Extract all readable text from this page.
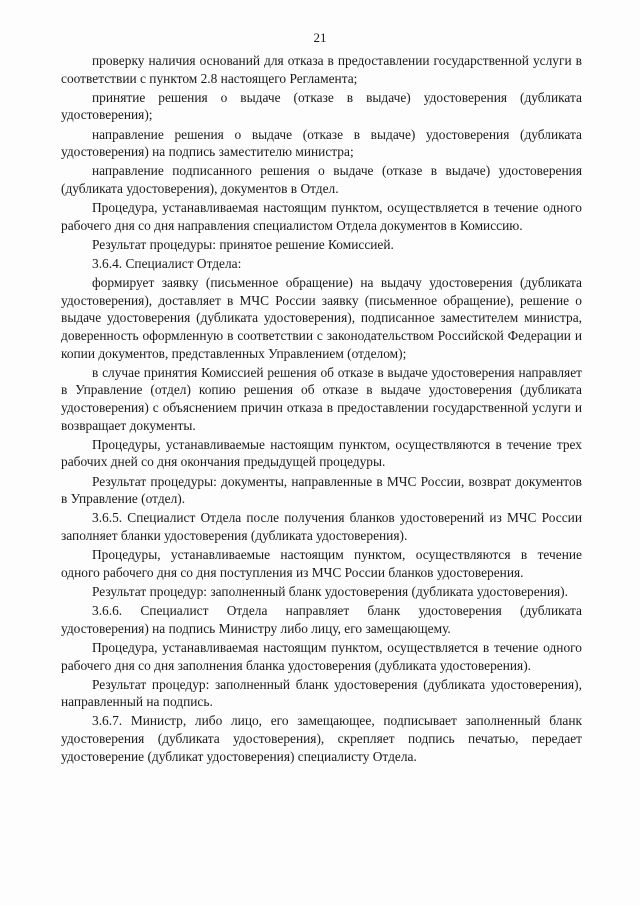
21

проверку наличия оснований для отказа в предоставлении государственной услуги в соответствии с пунктом 2.8 настоящего Регламента;

принятие решения о выдаче (отказе в выдаче) удостоверения (дубликата удостоверения);

направление решения о выдаче (отказе в выдаче) удостоверения (дубликата удостоверения) на подпись заместителю министра;

направление подписанного решения о выдаче (отказе в выдаче) удостоверения (дубликата удостоверения), документов в Отдел.

Процедура, устанавливаемая настоящим пунктом, осуществляется в течение одного рабочего дня со дня направления специалистом Отдела документов в Комиссию.

Результат процедуры: принятое решение Комиссией.

3.6.4. Специалист Отдела:

формирует заявку (письменное обращение) на выдачу удостоверения (дубликата удостоверения), доставляет в МЧС России заявку (письменное обращение), решение о выдаче удостоверения (дубликата удостоверения), подписанное заместителем министра, доверенность оформленную в соответствии с законодательством Российской Федерации и копии документов, представленных Управлением (отделом);

в случае принятия Комиссией решения об отказе в выдаче удостоверения направляет в Управление (отдел) копию решения об отказе в выдаче удостоверения (дубликата удостоверения) с объяснением причин отказа в предоставлении государственной услуги и возвращает документы.

Процедуры, устанавливаемые настоящим пунктом, осуществляются в течение трех рабочих дней со дня окончания предыдущей процедуры.

Результат процедуры: документы, направленные в МЧС России, возврат документов в Управление (отдел).

3.6.5. Специалист Отдела после получения бланков удостоверений из МЧС России заполняет бланки удостоверения (дубликата удостоверения).

Процедуры, устанавливаемые настоящим пунктом, осуществляются в течение одного рабочего дня со дня поступления из МЧС России бланков удостоверения.

Результат процедур: заполненный бланк удостоверения (дубликата удостоверения).

3.6.6. Специалист Отдела направляет бланк удостоверения (дубликата удостоверения) на подпись Министру либо лицу, его замещающему.

Процедура, устанавливаемая настоящим пунктом, осуществляется в течение одного рабочего дня со дня заполнения бланка удостоверения (дубликата удостоверения).

Результат процедур: заполненный бланк удостоверения (дубликата удостоверения), направленный на подпись.

3.6.7. Министр, либо лицо, его замещающее, подписывает заполненный бланк удостоверения (дубликата удостоверения), скрепляет подпись печатью, передает удостоверение (дубликат удостоверения) специалисту Отдела.
